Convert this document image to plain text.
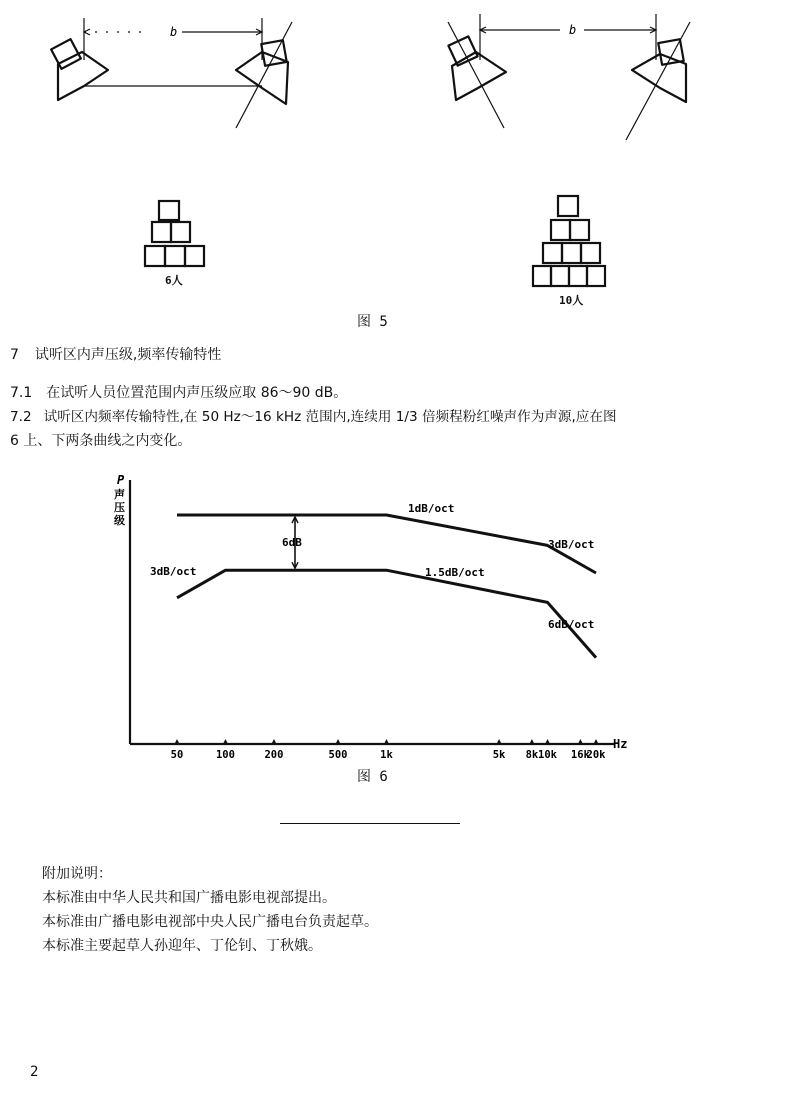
b	b
6人
10人
图 5
7 试听区内声压级,频率传输特性
7.1 在试听人员位置范围内声压级应取 86～90 dB。
7.2 试听区内频率传输特性,在 50 Hz～16 kHz 范围内,连续用 1/3 倍频程粉红噪声作为声源,应在图
6 上、下两条曲线之内变化。
P
声
压
级
Hz
50	100	200	500	1k	5k 8k 10k 16k
20k
1dB/oct
3dB/oct
3dB/oct	1.5dB/oct
6dB/oct
6dB
图 6
附加说明：
本标准由中华人民共和国广播电影电视部提出。
本标准由广播电影电视部中央人民广播电台负责起草。
本标准主要起草人孙迎年、丁伦钊、丁秋娥。
2
